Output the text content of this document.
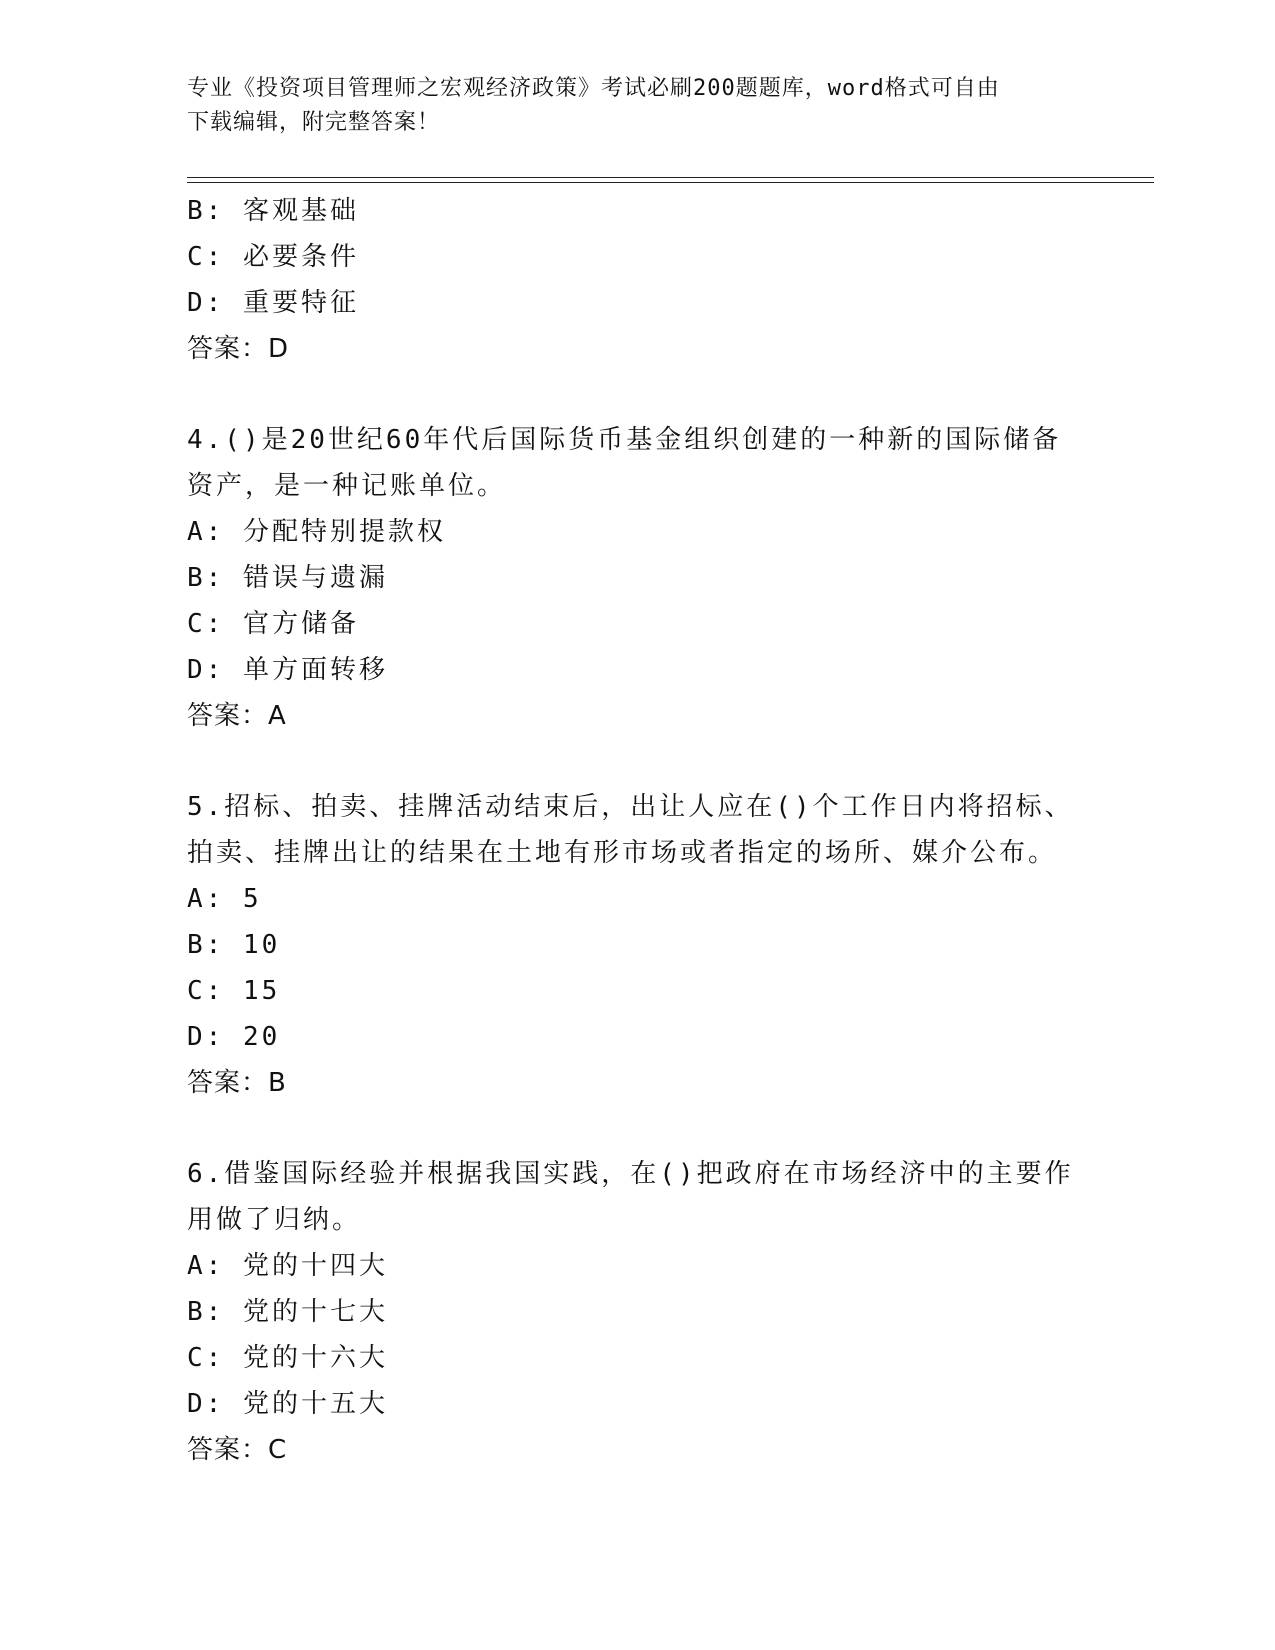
专业《投资项目管理师之宏观经济政策》考试必刷200题题库，word格式可自由
下载编辑，附完整答案！
B: 客观基础
C: 必要条件
D: 重要特征
答案：D
4.()是20世纪60年代后国际货币基金组织创建的一种新的国际储备
资产，是一种记账单位。
A: 分配特别提款权
B: 错误与遗漏
C: 官方储备
D: 单方面转移
答案：A
5.招标、拍卖、挂牌活动结束后，出让人应在()个工作日内将招标、
拍卖、挂牌出让的结果在土地有形市场或者指定的场所、媒介公布。
A: 5
B: 10
C: 15
D: 20
答案：B
6.借鉴国际经验并根据我国实践，在()把政府在市场经济中的主要作
用做了归纳。
A: 党的十四大
B: 党的十七大
C: 党的十六大
D: 党的十五大
答案：C
